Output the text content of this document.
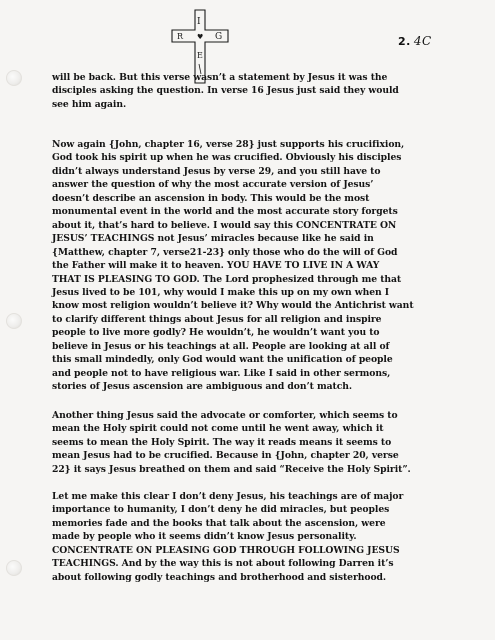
I
R	G
♥
E
2. 4C
will be back. But this verse wasn’t a statement by Jesus it was the
disciples asking the question. In verse 16 Jesus just said they would
see him again.
Now again {John, chapter 16, verse 28} just supports his crucifixion,
God took his spirit up when he was crucified. Obviously his disciples
didn’t always understand Jesus by verse 29, and you still have to
answer the question of why the most accurate version of Jesus’
doesn’t describe an ascension in body. This would be the most
monumental event in the world and the most accurate story forgets
about it, that’s hard to believe. I would say this CONCENTRATE ON
JESUS’ TEACHINGS not Jesus’ miracles because like he said in
{Matthew, chapter 7, verse21-23} only those who do the will of God
the Father will make it to heaven. YOU HAVE TO LIVE IN A WAY
THAT IS PLEASING TO GOD. The Lord prophesized through me that
Jesus lived to be 101, why would I make this up on my own when I
know most religion wouldn’t believe it? Why would the Antichrist want
to clarify different things about Jesus for all religion and inspire
people to live more godly? He wouldn’t, he wouldn’t want you to
believe in Jesus or his teachings at all. People are looking at all of
this small mindedly, only God would want the unification of people
and people not to have religious war. Like I said in other sermons,
stories of Jesus ascension are ambiguous and don’t match.
Another thing Jesus said the advocate or comforter, which seems to
mean the Holy spirit could not come until he went away, which it
seems to mean the Holy Spirit. The way it reads means it seems to
mean Jesus had to be crucified. Because in {John, chapter 20, verse
22} it says Jesus breathed on them and said “Receive the Holy Spirit”.
Let me make this clear I don’t deny Jesus, his teachings are of major
importance to humanity, I don’t deny he did miracles, but peoples
memories fade and the books that talk about the ascension, were
made by people who it seems didn’t know Jesus personality.
CONCENTRATE ON PLEASING GOD THROUGH FOLLOWING JESUS
TEACHINGS. And by the way this is not about following Darren it’s
about following godly teachings and brotherhood and sisterhood.
